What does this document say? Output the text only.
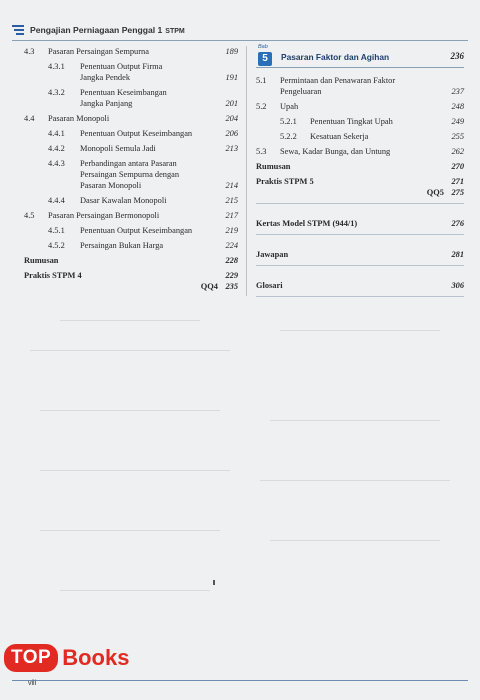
Pengajian Perniagaan Penggal 1 STPM
4.3	Pasaran Persaingan Sempurna	189
4.3.1	Penentuan Output Firma
Jangka Pendek	191
4.3.2	Penentuan Keseimbangan
Jangka Panjang	201
4.4	Pasaran Monopoli	204
4.4.1	Penentuan Output Keseimbangan	206
4.4.2	Monopoli Semula Jadi	213
4.4.3	Perbandingan antara Pasaran
Persaingan Sempurna dengan
Pasaran Monopoli	214
4.4.4	Dasar Kawalan Monopoli	215
4.5	Pasaran Persaingan Bermonopoli	217
4.5.1	Penentuan Output Keseimbangan	219
4.5.2	Persaingan Bukan Harga	224
Rumusan	228
Praktis STPM 4	229
QQ4 235
Bab
5	Pasaran Faktor dan Agihan	236
5.1	Permintaan dan Penawaran Faktor
Pengeluaran	237
5.2	Upah	248
5.2.1	Penentuan Tingkat Upah	249
5.2.2	Kesatuan Sekerja	255
5.3	Sewa, Kadar Bunga, dan Untung	262
Rumusan	270
Praktis STPM 5	271
QQ5 275
Kertas Model STPM (944/1)	276
Jawapan	281
Glosari	306
TOP Books
viii
